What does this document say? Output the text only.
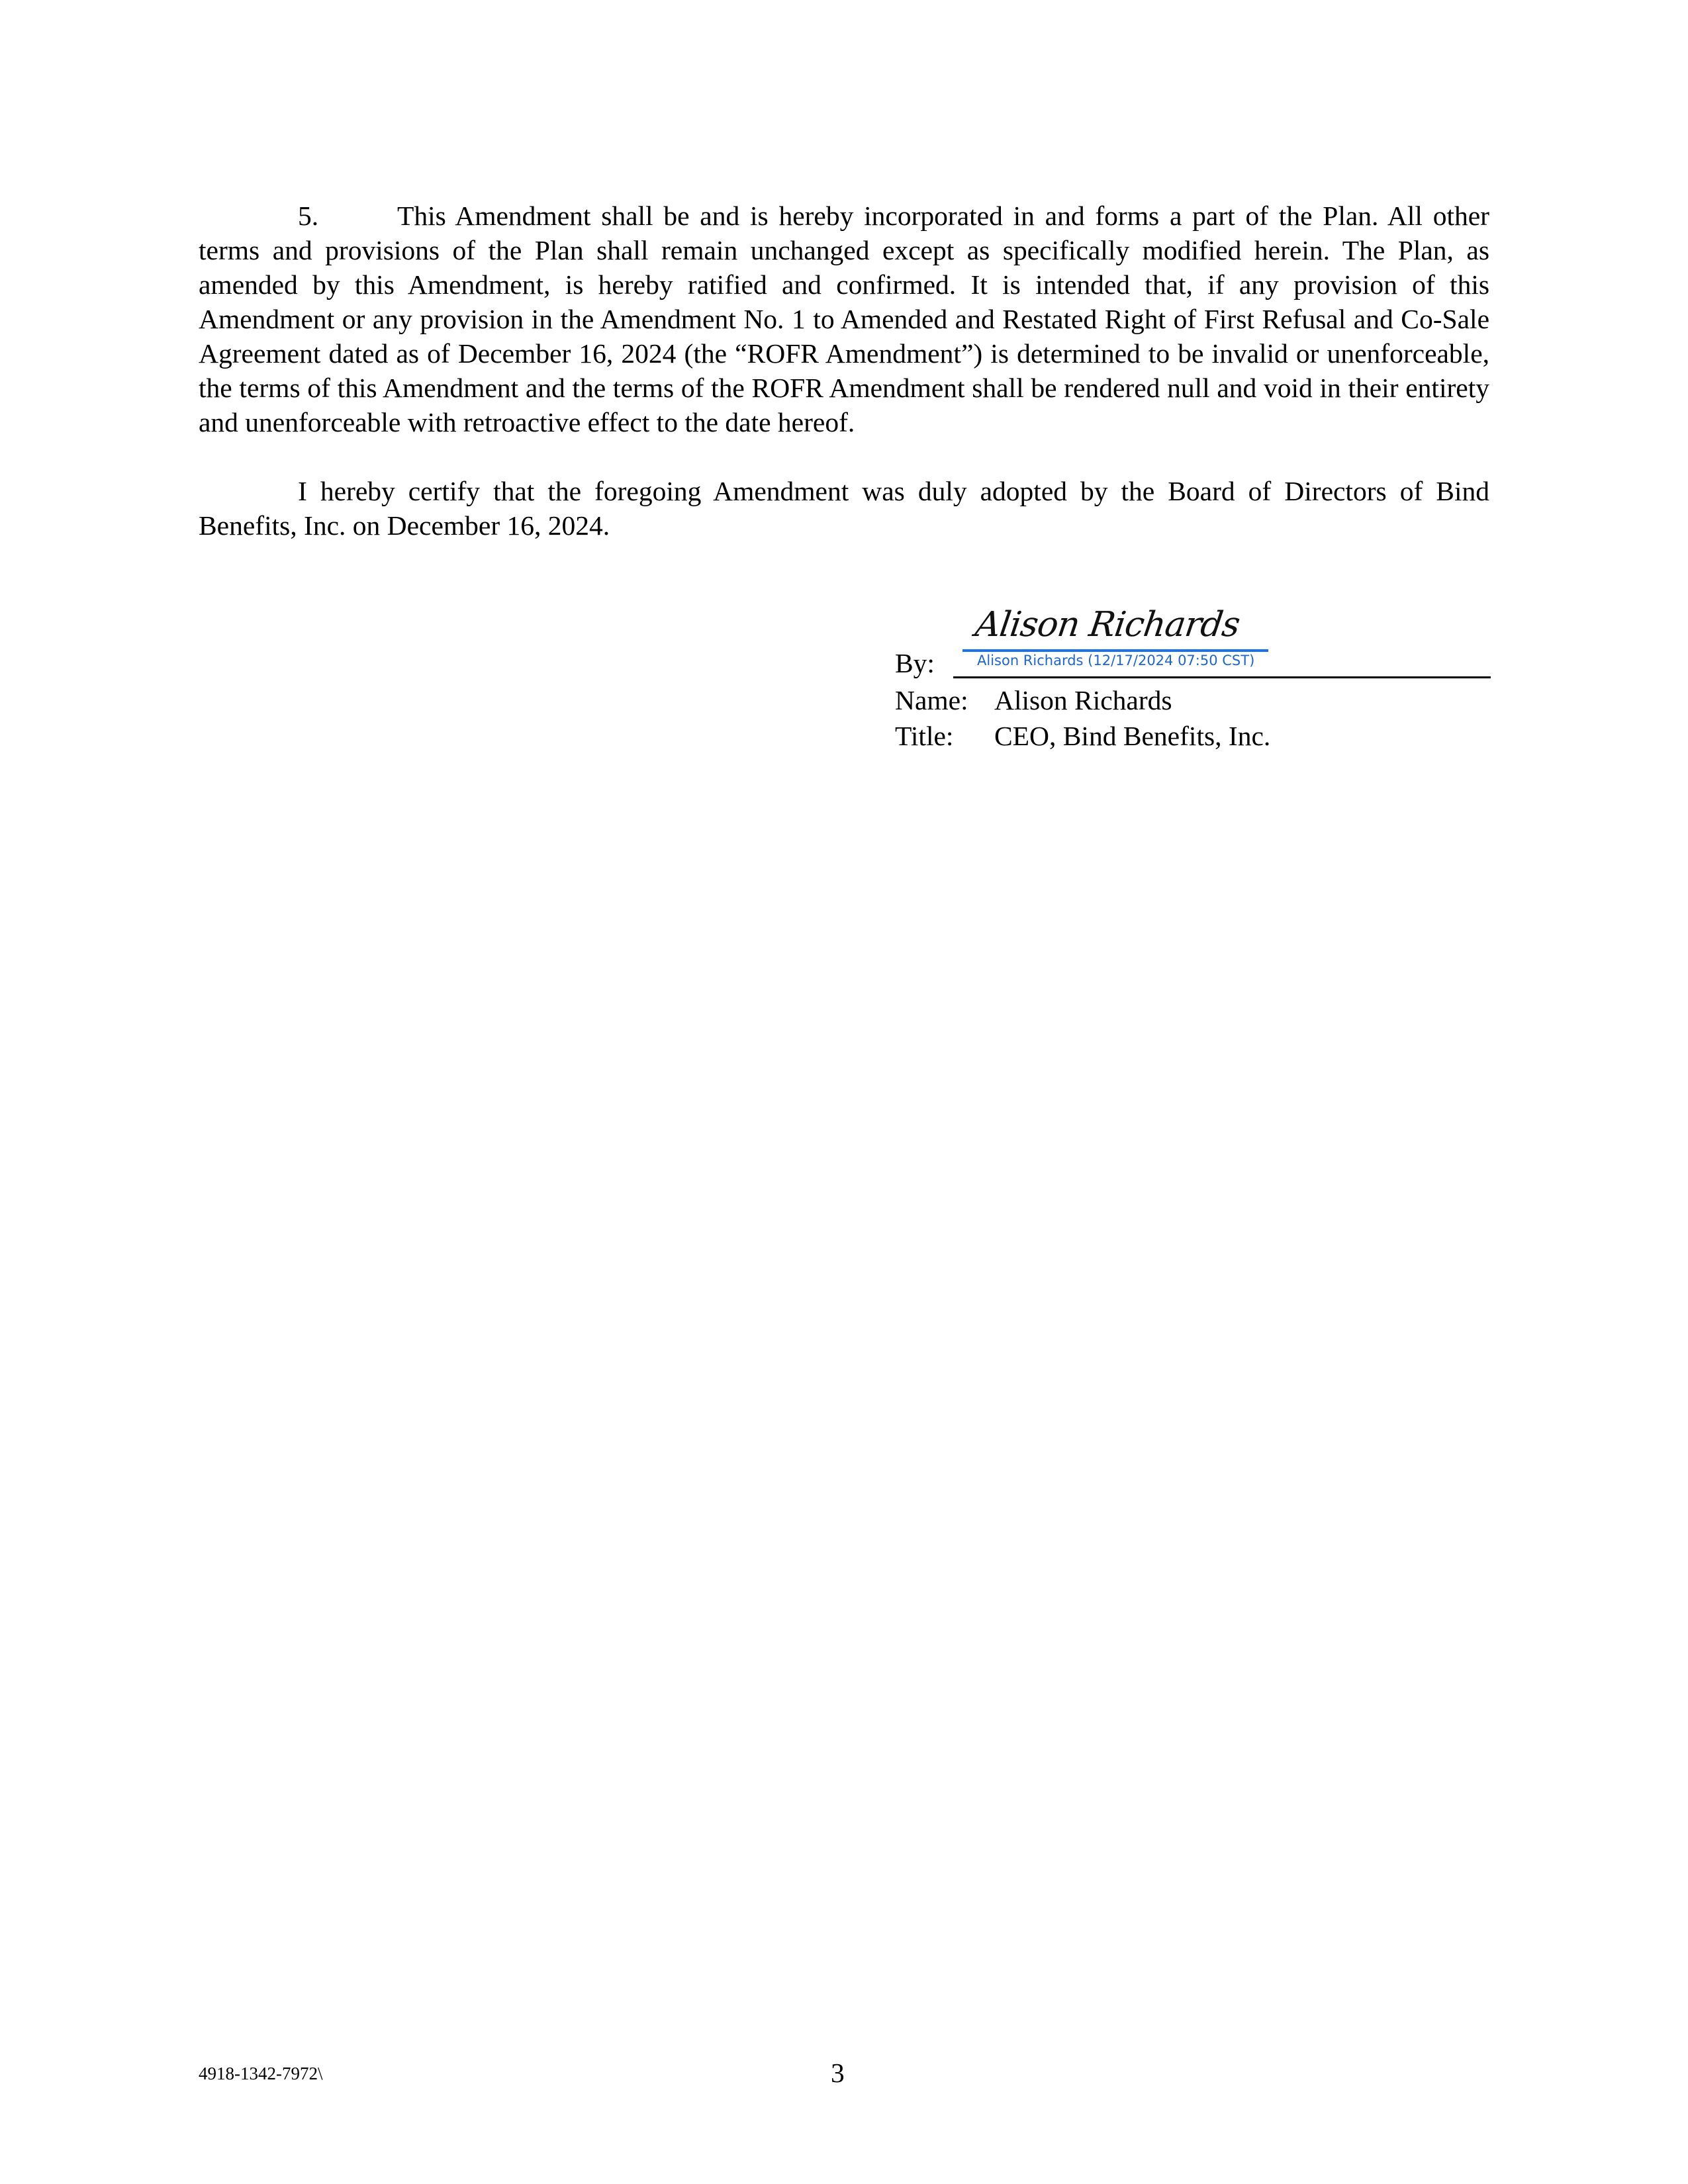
5.	This Amendment shall be and is hereby incorporated in and forms a part of the Plan. All other terms and provisions of the Plan shall remain unchanged except as specifically modified herein. The Plan, as amended by this Amendment, is hereby ratified and confirmed. It is intended that, if any provision of this Amendment or any provision in the Amendment No. 1 to Amended and Restated Right of First Refusal and Co-Sale Agreement dated as of December 16, 2024 (the “ROFR Amendment”) is determined to be invalid or unenforceable, the terms of this Amendment and the terms of the ROFR Amendment shall be rendered null and void in their entirety and unenforceable with retroactive effect to the date hereof.

I hereby certify that the foregoing Amendment was duly adopted by the Board of Directors of Bind Benefits, Inc. on December 16, 2024.

By:
Alison Richards
Alison Richards (12/17/2024 07:50 CST)
Name: Alison Richards
Title: CEO, Bind Benefits, Inc.
4918-1342-7972\	3
